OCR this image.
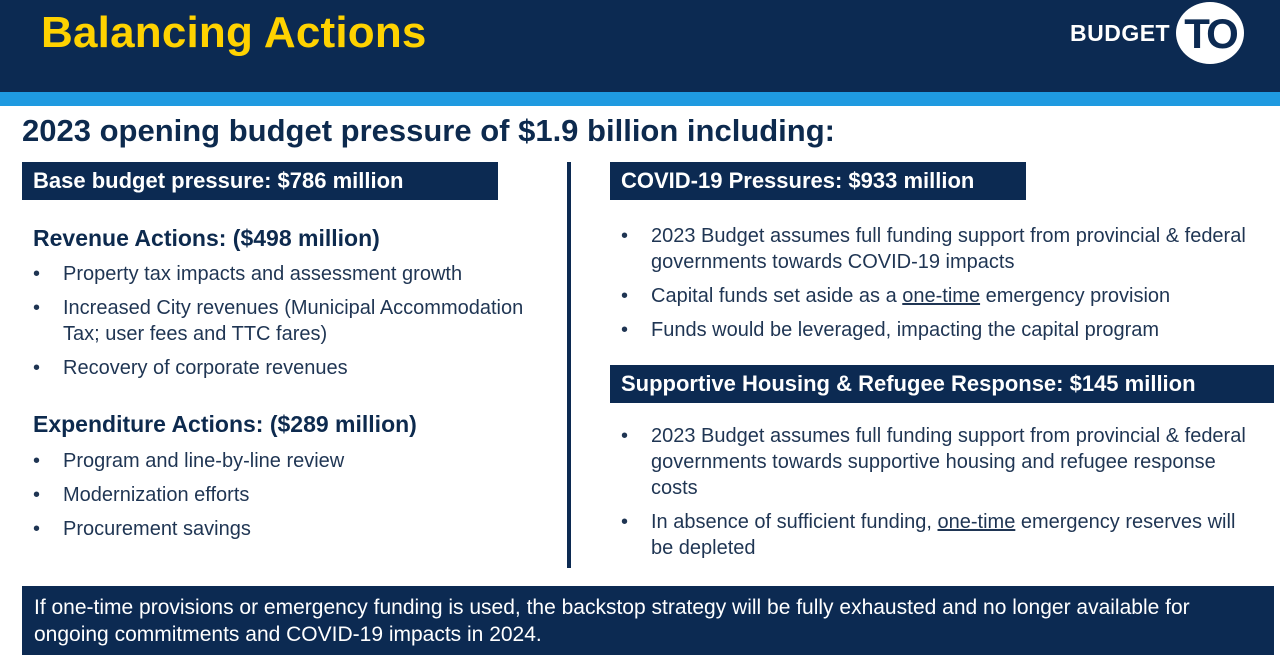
Balancing Actions	BUDGET TO
2023 opening budget pressure of $1.9 billion including:
Base budget pressure: $786 million
Revenue Actions: ($498 million)
• Property tax impacts and assessment growth
• Increased City revenues (Municipal Accommodation Tax; user fees and TTC fares)
• Recovery of corporate revenues
Expenditure Actions: ($289 million)
• Program and line-by-line review
• Modernization efforts
• Procurement savings
COVID-19 Pressures: $933 million
• 2023 Budget assumes full funding support from provincial & federal governments towards COVID-19 impacts
• Capital funds set aside as a one-time emergency provision
• Funds would be leveraged, impacting the capital program
Supportive Housing & Refugee Response: $145 million
• 2023 Budget assumes full funding support from provincial & federal governments towards supportive housing and refugee response costs
• In absence of sufficient funding, one-time emergency reserves will be depleted
If one-time provisions or emergency funding is used, the backstop strategy will be fully exhausted and no longer available for ongoing commitments and COVID-19 impacts in 2024.
